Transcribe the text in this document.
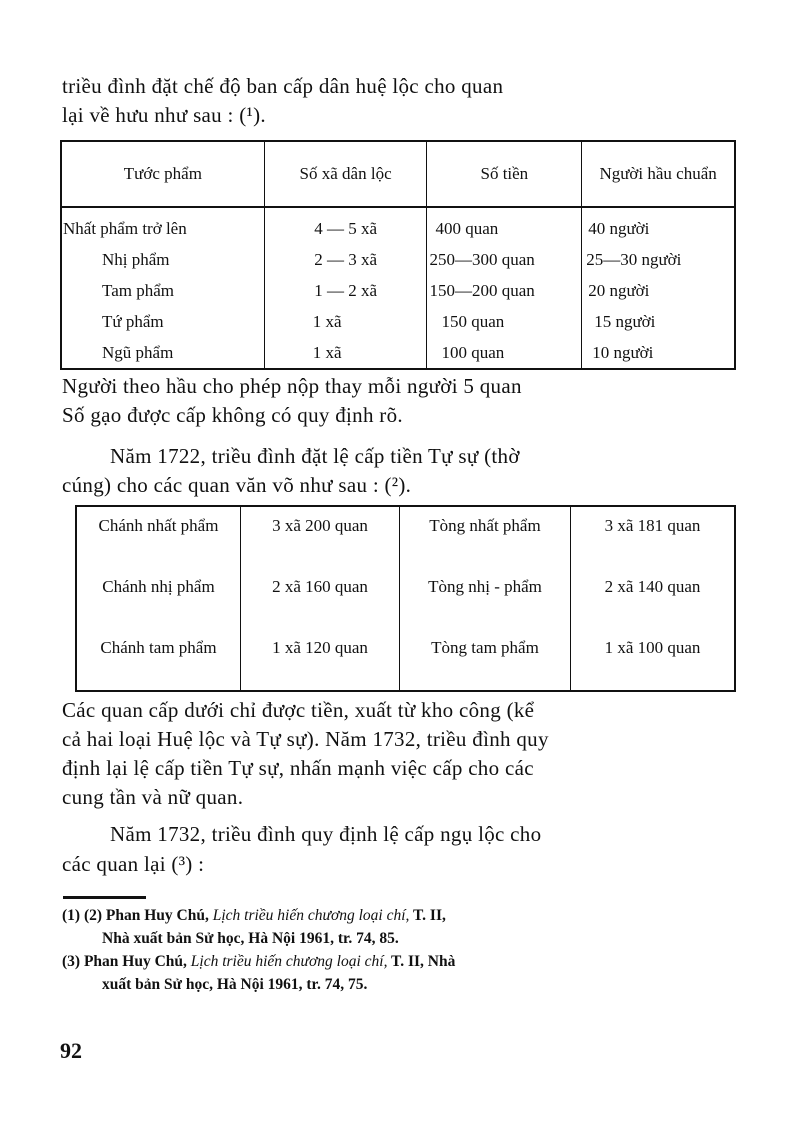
triều đình đặt chế độ ban cấp dân huệ lộc cho quan
lại về hưu như sau : (¹).
Tước phẩm	Số xã dân lộc	Số tiền	Người hầu chuẩn
Nhất phẩm trở lên	4 — 5 xã	400 quan	40 người
Nhị phẩm	2 — 3 xã	250—300 quan	25—30 người
Tam phẩm	1 — 2 xã	150—200 quan	20 người
Tứ phẩm	1 xã	150 quan	15 người
Ngũ phẩm	1 xã	100 quan	10 người
Người theo hầu cho phép nộp thay mỗi người 5 quan
Số gạo được cấp không có quy định rõ.
Năm 1722, triều đình đặt lệ cấp tiền Tự sự (thờ
cúng) cho các quan văn võ như sau : (²).
Chánh nhất phẩm	3 xã 200 quan	Tòng nhất phẩm	3 xã 181 quan
Chánh nhị phẩm	2 xã 160 quan	Tòng nhị - phẩm	2 xã 140 quan
Chánh tam phẩm	1 xã 120 quan	Tòng tam phẩm	1 xã 100 quan
Các quan cấp dưới chỉ được tiền, xuất từ kho công (kể
cả hai loại Huệ lộc và Tự sự). Năm 1732, triều đình quy
định lại lệ cấp tiền Tự sự, nhấn mạnh việc cấp cho các
cung tần và nữ quan.
Năm 1732, triều đình quy định lệ cấp ngụ lộc cho
các quan lại (³) :
(1) (2) Phan Huy Chú, Lịch triều hiến chương loại chí, T. II,
Nhà xuất bản Sử học, Hà Nội 1961, tr. 74, 85.
(3) Phan Huy Chú, Lịch triều hiến chương loại chí, T. II, Nhà
xuất bản Sử học, Hà Nội 1961, tr. 74, 75.
92
